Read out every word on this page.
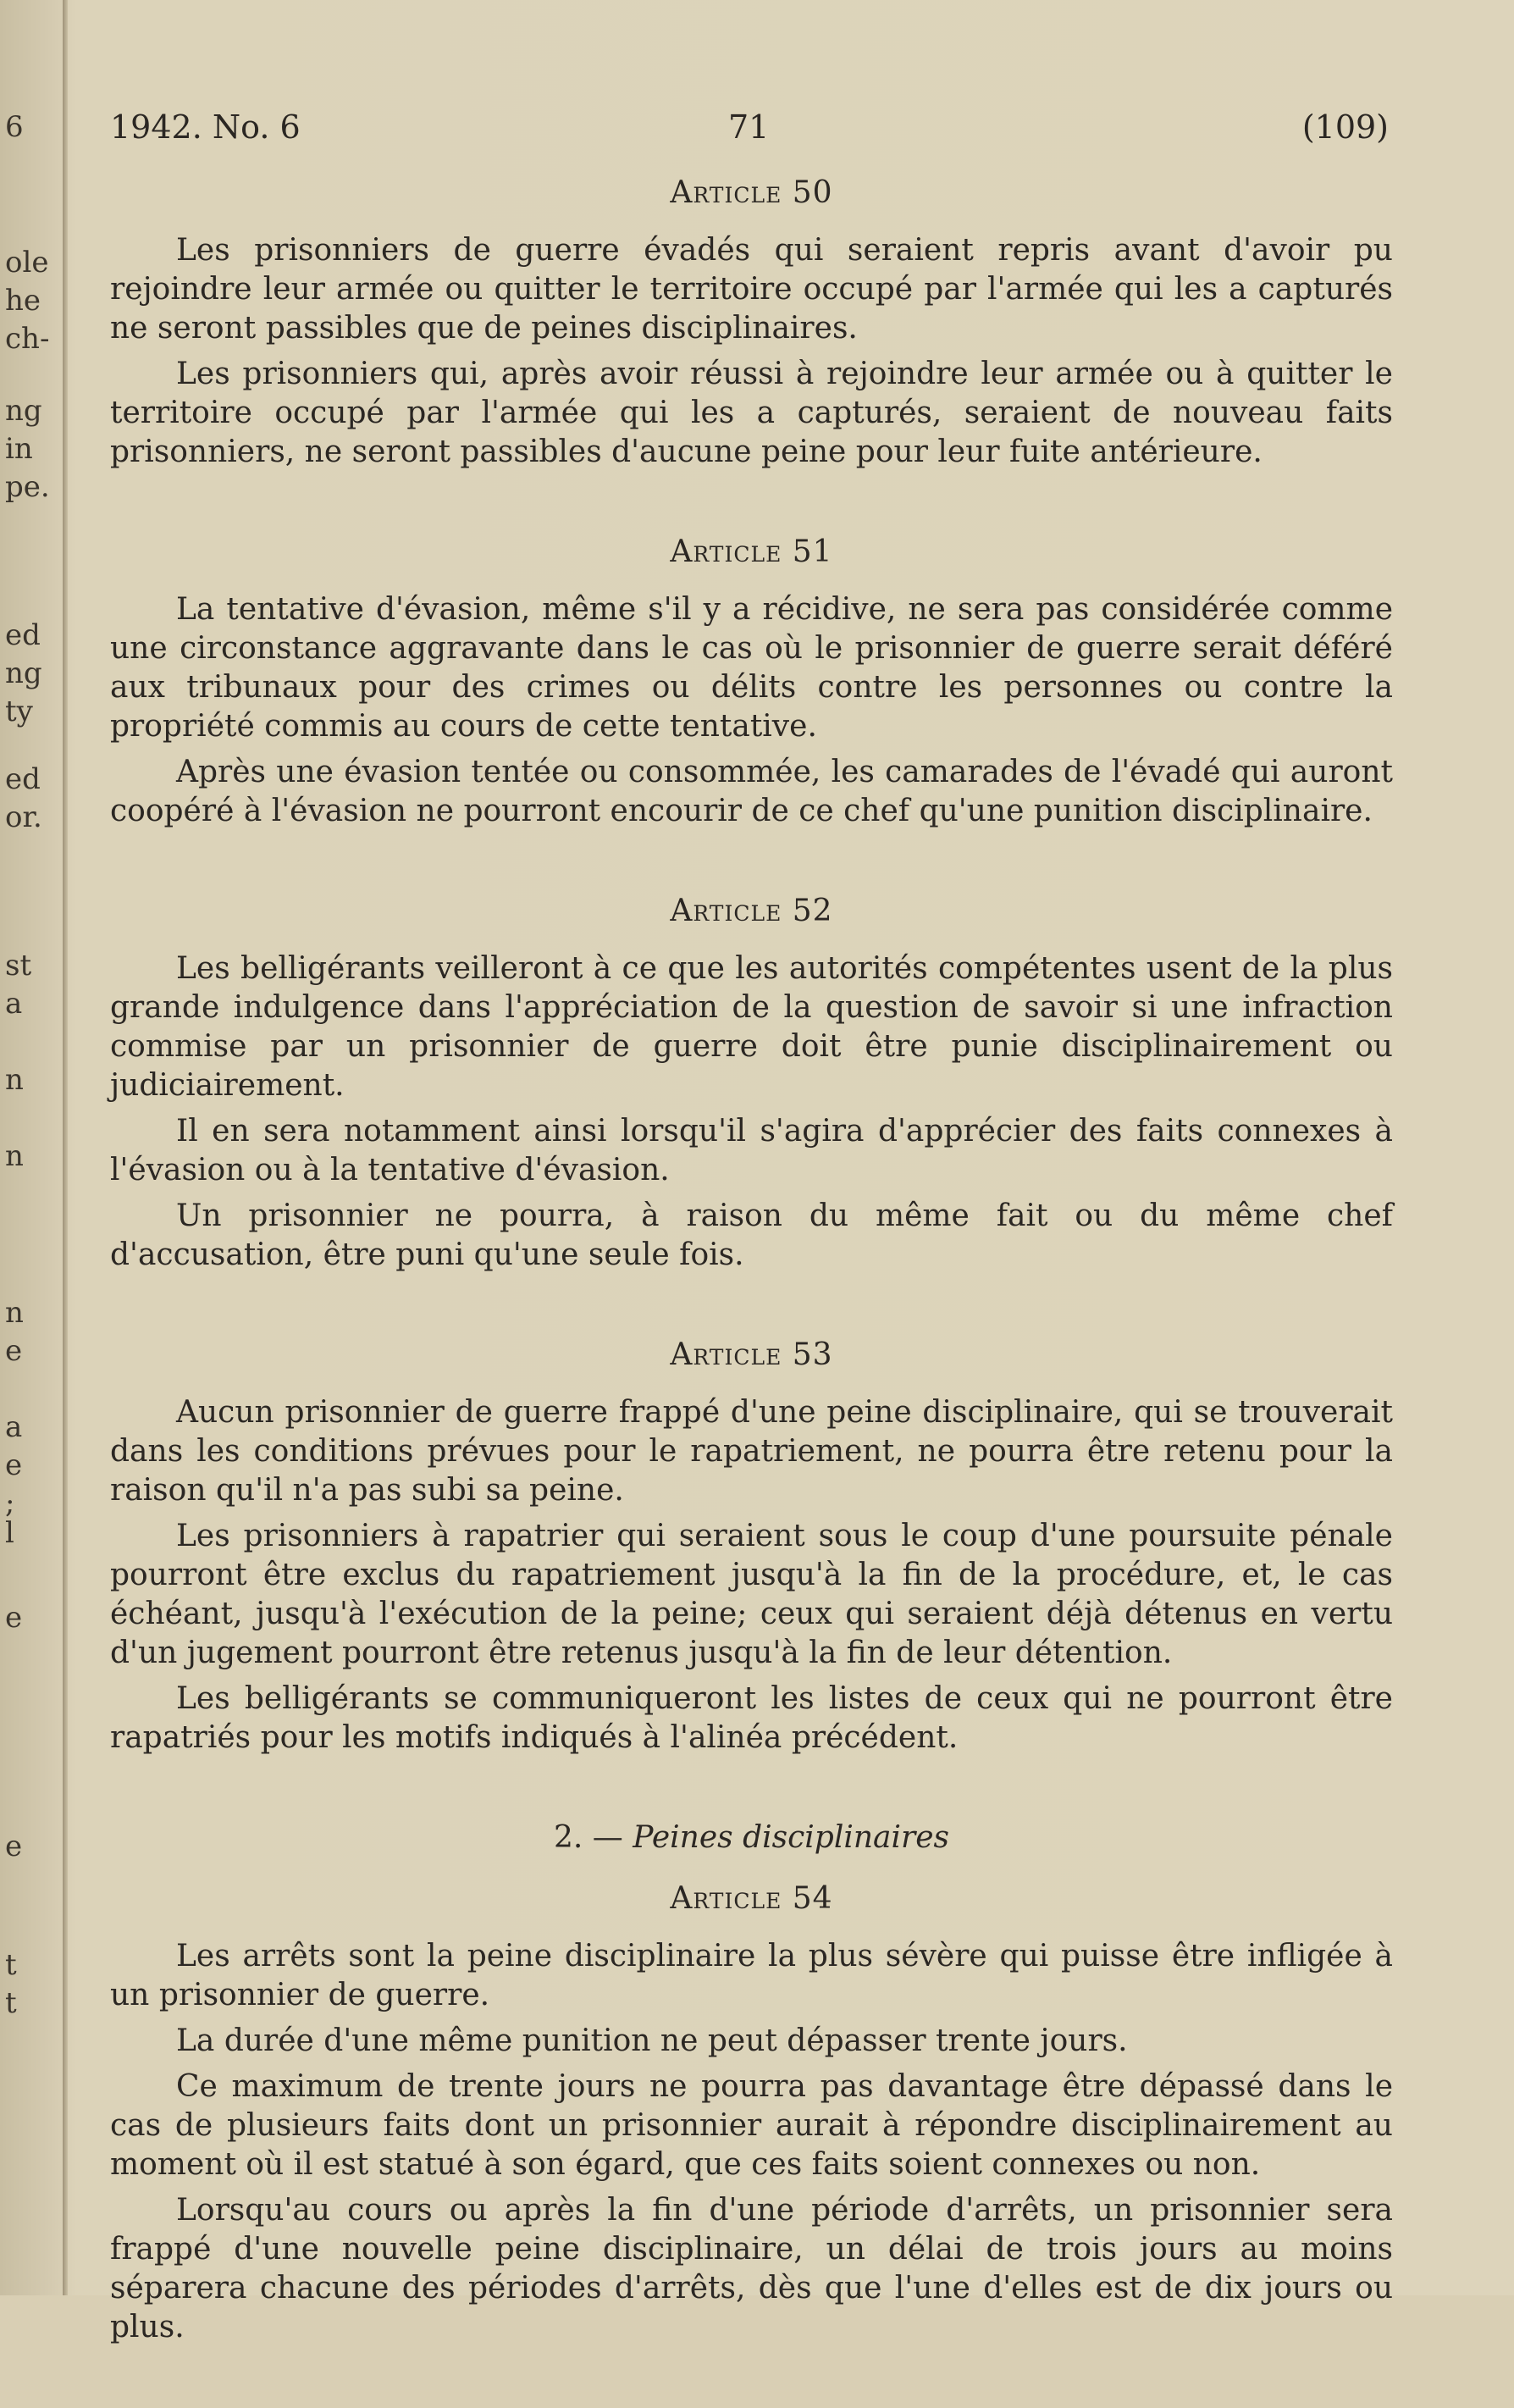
6
ole
he
ch-
ng
in
pe.
ed
ng
ty
ed
or.
st
a
n
n
n
e
a
e
;
l
e
e
t
t
1942. No. 6	71	(109)
Article 50

Les prisonniers de guerre évadés qui seraient repris avant d'avoir pu rejoindre leur armée ou quitter le territoire occupé par l'armée qui les a capturés ne seront passibles que de peines disciplinaires.

Les prisonniers qui, après avoir réussi à rejoindre leur armée ou à quitter le territoire occupé par l'armée qui les a capturés, seraient de nouveau faits prisonniers, ne seront passibles d'aucune peine pour leur fuite antérieure.

Article 51

La tentative d'évasion, même s'il y a récidive, ne sera pas considérée comme une circonstance aggravante dans le cas où le prisonnier de guerre serait déféré aux tribunaux pour des crimes ou délits contre les personnes ou contre la propriété commis au cours de cette tentative.

Après une évasion tentée ou consommée, les camarades de l'évadé qui auront coopéré à l'évasion ne pourront encourir de ce chef qu'une punition disciplinaire.

Article 52

Les belligérants veilleront à ce que les autorités compétentes usent de la plus grande indulgence dans l'appréciation de la question de savoir si une infraction commise par un prisonnier de guerre doit être punie disciplinairement ou judiciairement.

Il en sera notamment ainsi lorsqu'il s'agira d'apprécier des faits connexes à l'évasion ou à la tentative d'évasion.

Un prisonnier ne pourra, à raison du même fait ou du même chef d'accusation, être puni qu'une seule fois.

Article 53

Aucun prisonnier de guerre frappé d'une peine disciplinaire, qui se trouverait dans les conditions prévues pour le rapatriement, ne pourra être retenu pour la raison qu'il n'a pas subi sa peine.

Les prisonniers à rapatrier qui seraient sous le coup d'une poursuite pénale pourront être exclus du rapatriement jusqu'à la fin de la procédure, et, le cas échéant, jusqu'à l'exécution de la peine; ceux qui seraient déjà détenus en vertu d'un jugement pourront être retenus jusqu'à la fin de leur détention.

Les belligérants se communiqueront les listes de ceux qui ne pourront être rapatriés pour les motifs indiqués à l'alinéa précédent.

2. — Peines disciplinaires
Article 54

Les arrêts sont la peine disciplinaire la plus sévère qui puisse être infligée à un prisonnier de guerre.

La durée d'une même punition ne peut dépasser trente jours.

Ce maximum de trente jours ne pourra pas davantage être dépassé dans le cas de plusieurs faits dont un prisonnier aurait à répondre disciplinairement au moment où il est statué à son égard, que ces faits soient connexes ou non.

Lorsqu'au cours ou après la fin d'une période d'arrêts, un prisonnier sera frappé d'une nouvelle peine disciplinaire, un délai de trois jours au moins séparera chacune des périodes d'arrêts, dès que l'une d'elles est de dix jours ou plus.
